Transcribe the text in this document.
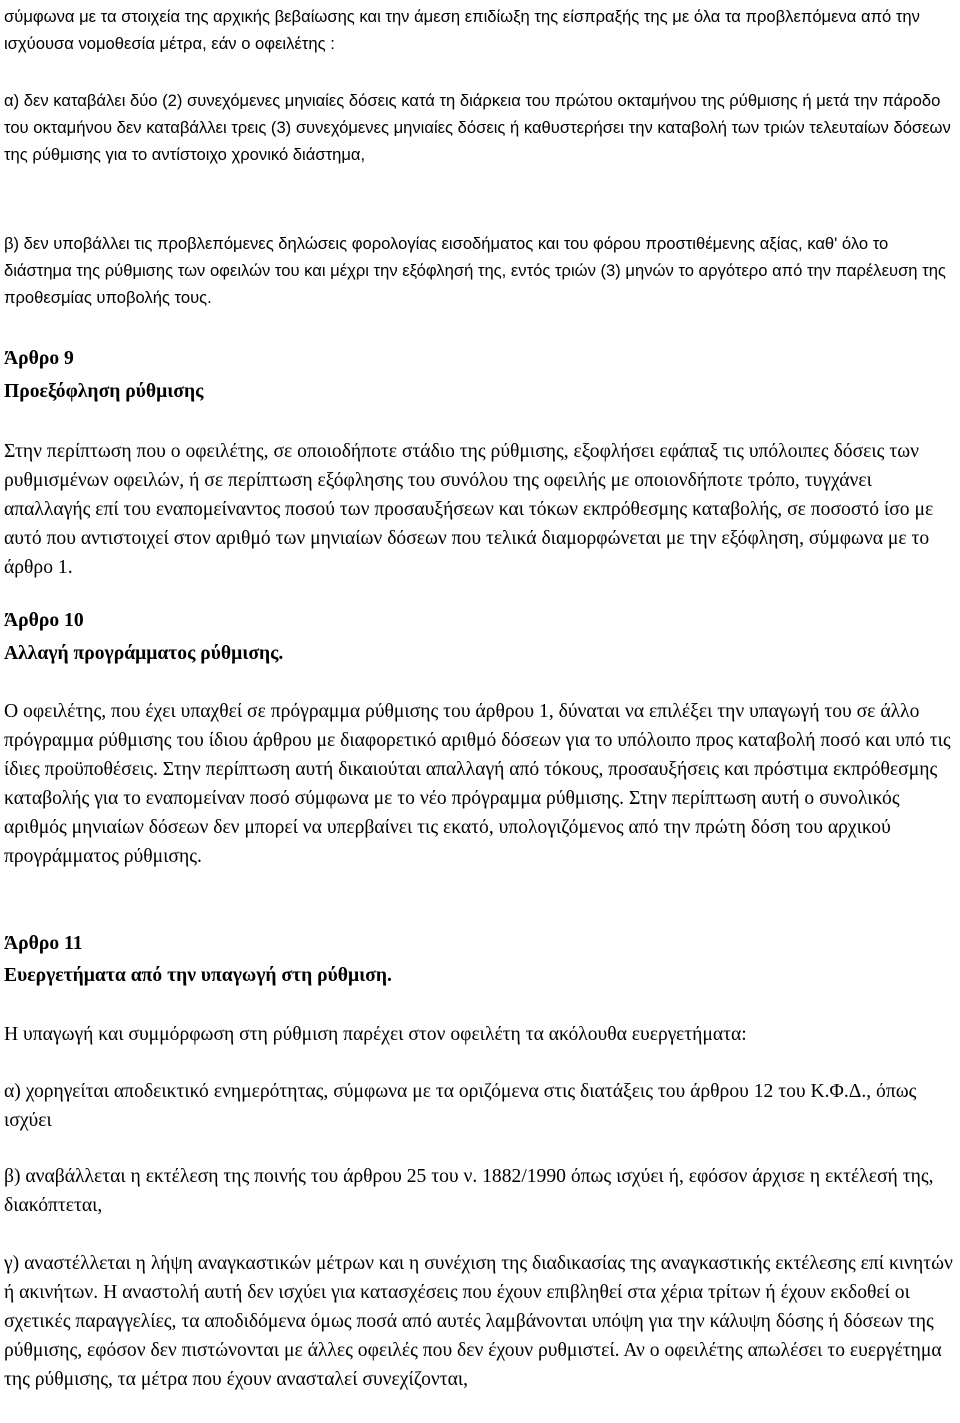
σύμφωνα με τα στοιχεία της αρχικής βεβαίωσης και την άμεση επιδίωξη της είσπραξής της με όλα τα προβλεπόμενα από την ισχύουσα νομοθεσία μέτρα, εάν ο οφειλέτης :

α) δεν καταβάλει δύο (2) συνεχόμενες μηνιαίες δόσεις κατά τη διάρκεια του πρώτου οκταμήνου της ρύθμισης ή μετά την πάροδο του οκταμήνου δεν καταβάλλει τρεις (3) συνεχόμενες μηνιαίες δόσεις ή καθυστερήσει την καταβολή των τριών τελευταίων δόσεων της ρύθμισης για το αντίστοιχο χρονικό διάστημα,

β) δεν υποβάλλει τις προβλεπόμενες δηλώσεις φορολογίας εισοδήματος και του φόρου προστιθέμενης αξίας, καθ' όλο το διάστημα της ρύθμισης των οφειλών του και μέχρι την εξόφλησή της, εντός τριών (3) μηνών το αργότερο από την παρέλευση της προθεσμίας υποβολής τους.

Άρθρο 9
Προεξόφληση ρύθμισης

Στην περίπτωση που ο οφειλέτης, σε οποιοδήποτε στάδιο της ρύθμισης, εξοφλήσει εφάπαξ τις υπόλοιπες δόσεις των ρυθμισμένων οφειλών, ή σε περίπτωση εξόφλησης του συνόλου της οφειλής με οποιονδήποτε τρόπο, τυγχάνει απαλλαγής επί του εναπομείναντος ποσού των προσαυξήσεων και τόκων εκπρόθεσμης καταβολής, σε ποσοστό ίσο με αυτό που αντιστοιχεί στον αριθμό των μηνιαίων δόσεων που τελικά διαμορφώνεται με την εξόφληση, σύμφωνα με το άρθρο 1.

Άρθρο 10
Αλλαγή προγράμματος ρύθμισης.

Ο οφειλέτης, που έχει υπαχθεί σε πρόγραμμα ρύθμισης του άρθρου 1, δύναται να επιλέξει την υπαγωγή του σε άλλο πρόγραμμα ρύθμισης του ίδιου άρθρου με διαφορετικό αριθμό δόσεων για το υπόλοιπο προς καταβολή ποσό και υπό τις ίδιες προϋποθέσεις. Στην περίπτωση αυτή δικαιούται απαλλαγή από τόκους, προσαυξήσεις και πρόστιμα εκπρόθεσμης καταβολής για το εναπομείναν ποσό σύμφωνα με το νέο πρόγραμμα ρύθμισης. Στην περίπτωση αυτή ο συνολικός αριθμός μηνιαίων δόσεων δεν μπορεί να υπερβαίνει τις εκατό, υπολογιζόμενος από την πρώτη δόση του αρχικού προγράμματος ρύθμισης.

Άρθρο 11
Ευεργετήματα από την υπαγωγή στη ρύθμιση.

Η υπαγωγή και συμμόρφωση στη ρύθμιση παρέχει στον οφειλέτη τα ακόλουθα ευεργετήματα:

α) χορηγείται αποδεικτικό ενημερότητας, σύμφωνα με τα οριζόμενα στις διατάξεις του άρθρου 12 του Κ.Φ.Δ., όπως ισχύει

β) αναβάλλεται η εκτέλεση της ποινής του άρθρου 25 του ν. 1882/1990 όπως ισχύει ή, εφόσον άρχισε η εκτέλεσή της, διακόπτεται,

γ) αναστέλλεται η λήψη αναγκαστικών μέτρων και η συνέχιση της διαδικασίας της αναγκαστικής εκτέλεσης επί κινητών ή ακινήτων. Η αναστολή αυτή δεν ισχύει για κατασχέσεις που έχουν επιβληθεί στα χέρια τρίτων ή έχουν εκδοθεί οι σχετικές παραγγελίες, τα αποδιδόμενα όμως ποσά από αυτές λαμβάνονται υπόψη για την κάλυψη δόσης ή δόσεων της ρύθμισης, εφόσον δεν πιστώνονται με άλλες οφειλές που δεν έχουν ρυθμιστεί. Αν ο οφειλέτης απωλέσει το ευεργέτημα της ρύθμισης, τα μέτρα που έχουν ανασταλεί συνεχίζονται,
